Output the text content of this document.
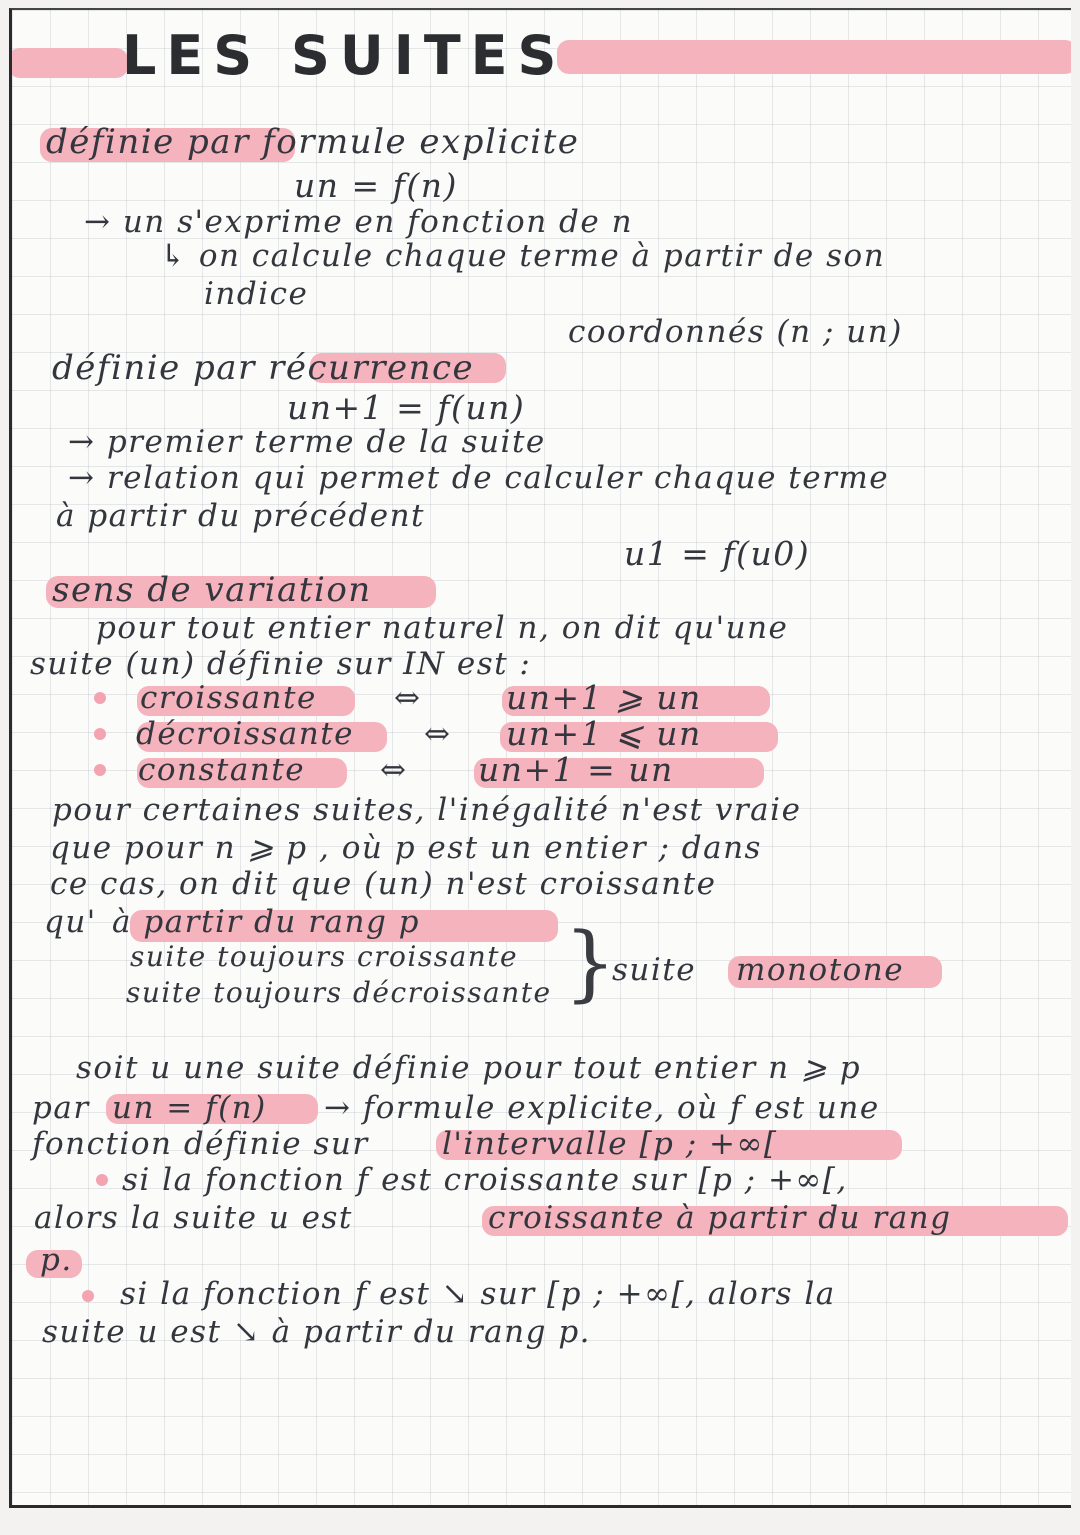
LES SUITES
définie par formule explicite
un = f(n)
→ un s'exprime en fonction de n
↳ on calcule chaque terme à partir de son
indice
coordonnés (n ; un)
définie par récurrence
un+1 = f(un)
→ premier terme de la suite
→ relation qui permet de calculer chaque terme
à partir du précédent
u1 = f(u0)
sens de variation
pour tout entier naturel n, on dit qu'une
suite (un) définie sur IN est :
croissante ⇔	un+1 ⩾ un
décroissante ⇔ un+1 ⩽ un
constante ⇔ un+1 = un
pour certaines suites, l'inégalité n'est vraie
que pour n ⩾ p , où p est un entier ; dans
ce cas, on dit que (un) n'est croissante
qu' à partir du rang p
suite toujours croissante
suite toujours décroissante }
suite monotone
soit u une suite définie pour tout entier n ⩾ p
par un = f(n) → formule explicite, où f est une
fonction définie sur l'intervalle [p ; +∞[
si la fonction f est croissante sur [p ; +∞[,
alors la suite u est	croissante à partir du rang
p.
si la fonction f est ↘ sur [p ; +∞[, alors la
suite u est ↘ à partir du rang p.
